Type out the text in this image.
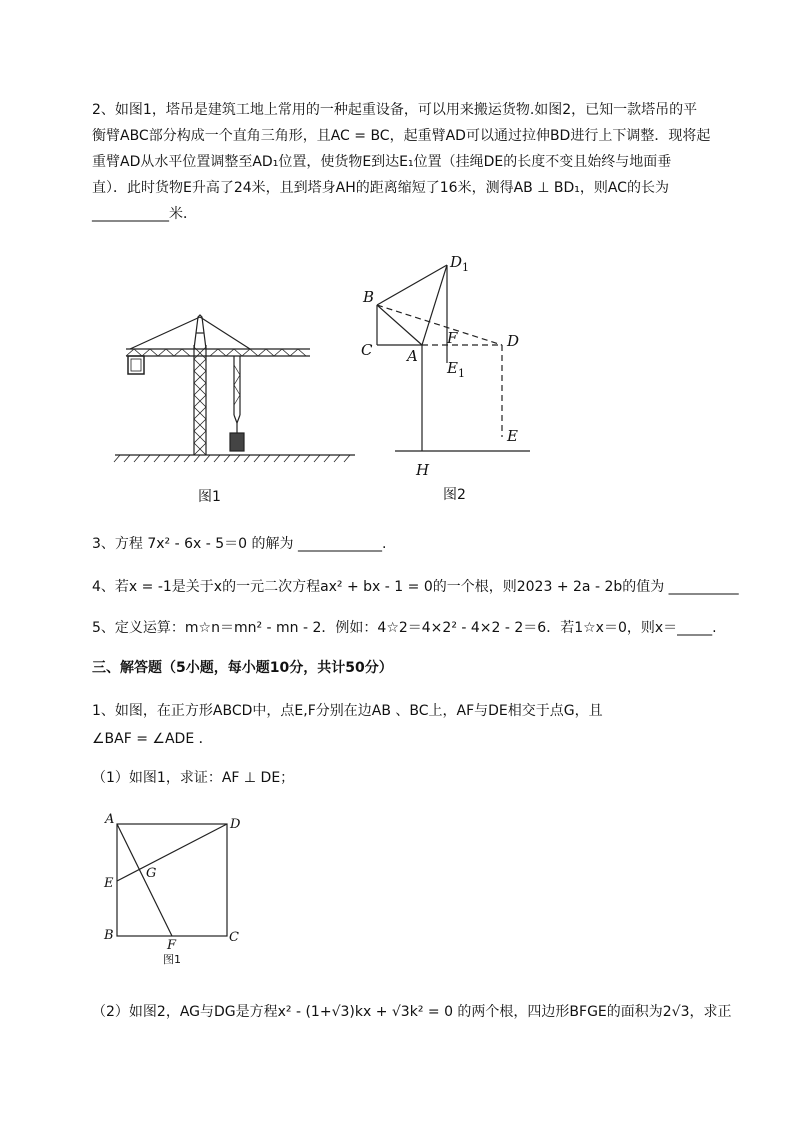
2、如图1，塔吊是建筑工地上常用的一种起重设备，可以用来搬运货物.如图2，已知一款塔吊的平
衡臂ABC部分构成一个直角三角形，且AC = BC，起重臂AD可以通过拉伸BD进行上下调整．现将起
重臂AD从水平位置调整至AD₁位置，使货物E到达E₁位置（挂绳DE的长度不变且始终与地面垂
直）．此时货物E升高了24米，且到塔身AH的距离缩短了16米，测得AB ⊥ BD₁，则AC的长为
___________米．
图1
D 1
B
C A
F	D
E 1
E
H
图2
3、方程 7x² - 6x - 5＝0 的解为 ____________.
4、若x = -1是关于x的一元二次方程ax² + bx - 1 = 0的一个根，则2023 + 2a - 2b的值为 __________
5、定义运算：m☆n＝mn² - mn - 2．例如：4☆2＝4×2² - 4×2 - 2＝6．若1☆x＝0，则x＝_____.
三、解答题（5小题，每小题10分，共计50分）
1、如图，在正方形ABCD中，点E,F分别在边AB 、BC上，AF与DE相交于点G，且
∠BAF = ∠ADE ．
（1）如图1，求证：AF ⊥ DE；
A	D
E
G
B
F
C
图1
（2）如图2，AG与DG是方程x² - (1+√3)kx + √3k² = 0 的两个根，四边形BFGE的面积为2√3，求正
